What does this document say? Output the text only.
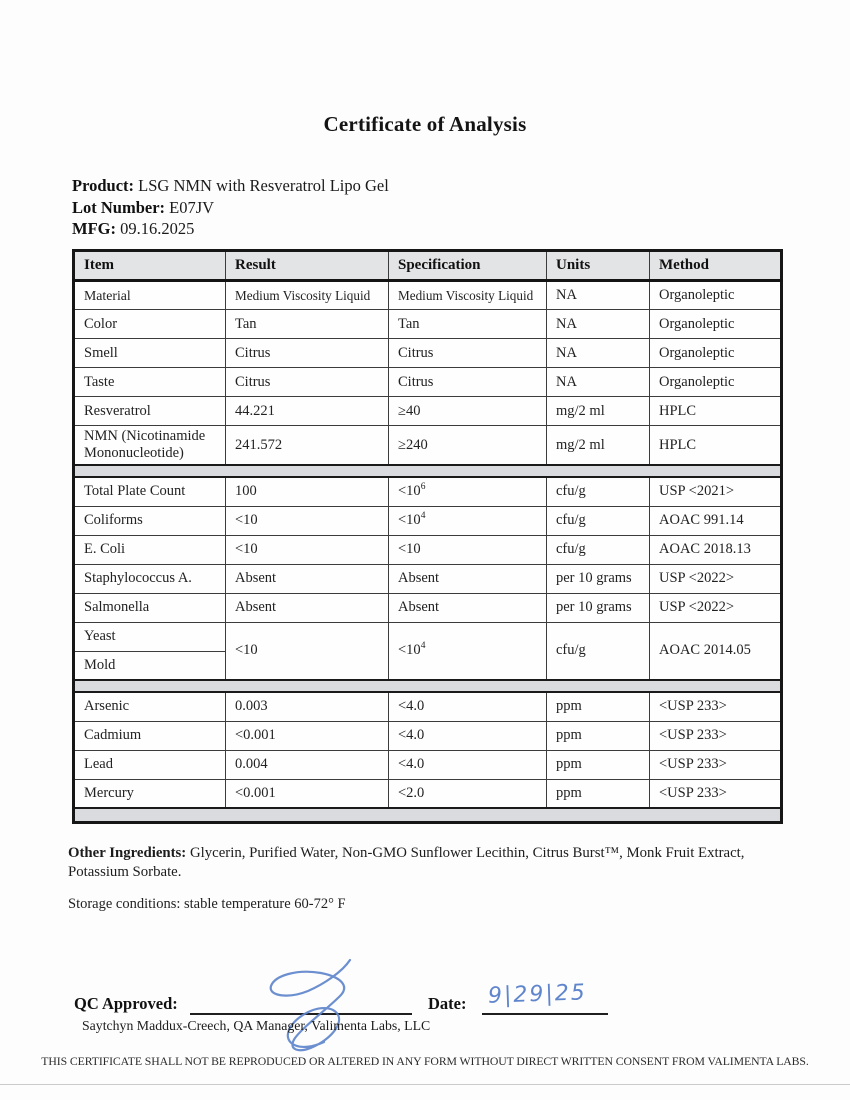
Certificate of Analysis
Product: LSG NMN with Resveratrol Lipo Gel
Lot Number: E07JV
MFG: 09.16.2025
Item	Result	Specification	Units	Method
Material	Medium Viscosity Liquid	Medium Viscosity Liquid	NA	Organoleptic
Color	Tan	Tan	NA	Organoleptic
Smell	Citrus	Citrus	NA	Organoleptic
Taste	Citrus	Citrus	NA	Organoleptic
Resveratrol	44.221	≥40	mg/2 ml	HPLC
NMN (Nicotinamide Mononucleotide)	241.572	≥240	mg/2 ml	HPLC

Total Plate Count	100	$<10^6$	cfu/g	USP <2021>
Coliforms	<10	$<10^4$	cfu/g	AOAC 991.14
E. Coli	<10	<10	cfu/g	AOAC 2018.13
Staphylococcus A.	Absent	Absent	per 10 grams	USP <2022>
Salmonella	Absent	Absent	per 10 grams	USP <2022>
Yeast	<10	$<10^4$	cfu/g	AOAC 2014.05
Mold				

Arsenic	0.003	<4.0	ppm	<USP 233>
Cadmium	<0.001	<4.0	ppm	<USP 233>
Lead	0.004	<4.0	ppm	<USP 233>
Mercury	<0.001	<2.0	ppm	<USP 233>

Other Ingredients: Glycerin, Purified Water, Non-GMO Sunflower Lecithin, Citrus Burst™, Monk Fruit Extract, Potassium Sorbate.
Storage conditions: stable temperature 60-72° F
QC Approved:	Date: 9|29|25
Saytchyn Maddux-Creech, QA Manager, Valimenta Labs, LLC
THIS CERTIFICATE SHALL NOT BE REPRODUCED OR ALTERED IN ANY FORM WITHOUT DIRECT WRITTEN CONSENT FROM VALIMENTA LABS.
